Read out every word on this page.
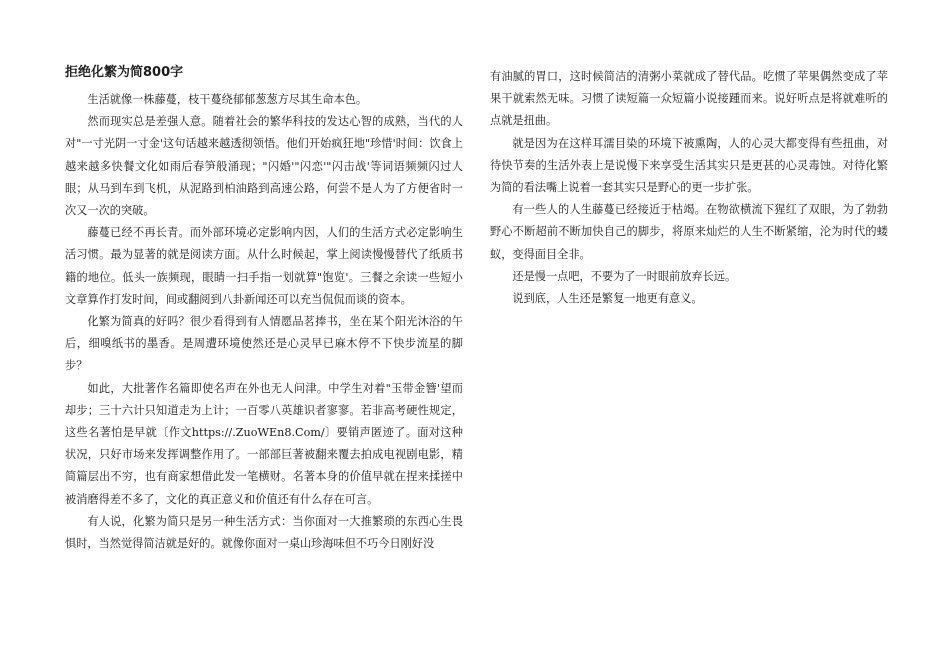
拒绝化繁为简800字

生活就像一株藤蔓，枝干蔓绕郁郁葱葱方尽其生命本色。

然而现实总是差强人意。随着社会的繁华科技的发达心智的成熟，当代的人对"一寸光阴一寸金'这句话越来越透彻领悟。他们开始疯狂地"珍惜'时间：饮食上越来越多快餐文化如雨后春笋般涌现；"闪婚'"闪恋'"闪击战'等词语频频闪过人眼；从马到车到飞机，从泥路到柏油路到高速公路，何尝不是人为了方便省时一次又一次的突破。

藤蔓已经不再长青。而外部环境必定影响内因，人们的生活方式必定影响生活习惯。最为显著的就是阅读方面。从什么时候起，掌上阅读慢慢替代了纸质书籍的地位。低头一族频现，眼睛一扫手指一划就算"饱览'。三餐之余读一些短小文章算作打发时间，间或翻阅到八卦新闻还可以充当侃侃而谈的资本。

化繁为简真的好吗？很少看得到有人情愿品茗捧书，坐在某个阳光沐浴的午后，细嗅纸书的墨香。是周遭环境使然还是心灵早已麻木停不下快步流星的脚步？

如此，大批著作名篇即使名声在外也无人问津。中学生对着"玉带金簪'望而却步；三十六计只知道走为上计；一百零八英雄识者寥寥。若非高考硬性规定，这些名著怕是早就〔作文https://.ZuoWEn8.Com/〕要销声匿迹了。面对这种状况，只好市场来发挥调整作用了。一部部巨著被翻来覆去拍成电视剧电影，精简篇层出不穷，也有商家想借此发一笔横财。名著本身的价值早就在捏来揉搓中被消磨得差不多了，文化的真正意义和价值还有什么存在可言。

有人说，化繁为简只是另一种生活方式：当你面对一大推繁琐的东西心生畏惧时，当然觉得简洁就是好的。就像你面对一桌山珍海味但不巧今日刚好没

有油腻的胃口，这时候简洁的清粥小菜就成了替代品。吃惯了苹果偶然变成了苹果干就索然无味。习惯了读短篇一众短篇小说接踵而来。说好听点是将就难听的点就是扭曲。

就是因为在这样耳濡目染的环境下被熏陶，人的心灵大都变得有些扭曲，对待快节奏的生活外表上是说慢下来享受生活其实只是更甚的心灵毒蚀。对待化繁为简的看法嘴上说着一套其实只是野心的更一步扩张。

有一些人的人生藤蔓已经接近于枯竭。在物欲横流下猩红了双眼，为了勃勃野心不断超前不断加快自己的脚步，将原来灿烂的人生不断紧缩，沦为时代的蝼蚁，变得面目全非。

还是慢一点吧，不要为了一时眼前放弃长远。

说到底，人生还是繁复一地更有意义。
